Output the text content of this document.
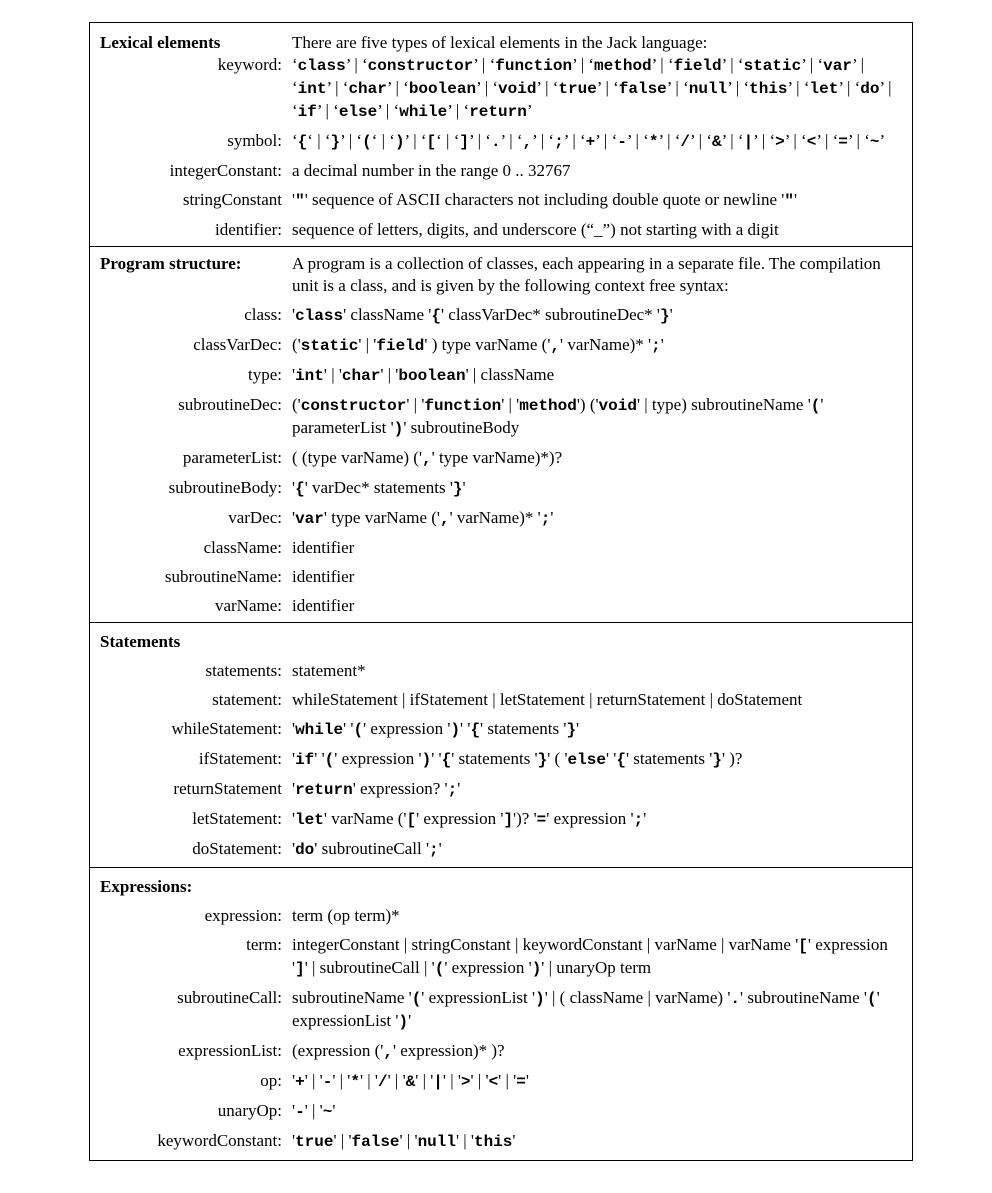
Lexical elements	There are five types of lexical elements in the Jack language:
keyword: ‘class’ | ‘constructor’ | ‘function’ | ‘method’ | ‘field’ | ‘static’ | ‘var’ | ‘int’ | ‘char’ | ‘boolean’ | ‘void’ | ‘true’ | ‘false’ | ‘null’ | ‘this’ | ‘let’ | ‘do’ | ‘if’ | ‘else’ | ‘while’ | ‘return’
symbol: ‘{‘ | ‘}’ | ‘(‘ | ‘)’ | ‘[‘ | ‘]’ | ‘.’ | ‘,’ | ‘;’ | ‘+’ | ‘-’ | ‘*’ | ‘/’ | ‘&’ | ‘|’ | ‘>’ | ‘<’ | ‘=’ | ‘~’
integerConstant: a decimal number in the range 0 .. 32767
stringConstant '"' sequence of ASCII characters not including double quote or newline '"'
identifier: sequence of letters, digits, and underscore (“_”) not starting with a digit
Program structure:	A program is a collection of classes, each appearing in a separate file. The compilation unit is a class, and is given by the following context free syntax:
class: 'class' className '{' classVarDec* subroutineDec* '}'
classVarDec: ('static' | 'field' ) type varName (',' varName)* ';'
type: 'int' | 'char' | 'boolean' | className
subroutineDec: ('constructor' | 'function' | 'method') ('void' | type) subroutineName '(' parameterList ')' subroutineBody
parameterList: ( (type varName) (',' type varName)*)?
subroutineBody: '{' varDec* statements '}'
varDec: 'var' type varName (',' varName)* ';'
className: identifier
subroutineName: identifier
varName: identifier
Statements
statements: statement*
statement: whileStatement | ifStatement | letStatement | returnStatement | doStatement
whileStatement: 'while' '(' expression ')' '{' statements '}'
ifStatement: 'if' '(' expression ')' '{' statements '}' ( 'else' '{' statements '}' )?
returnStatement 'return' expression? ';'
letStatement: 'let' varName ('[' expression ']')? '=' expression ';'
doStatement: 'do' subroutineCall ';'
Expressions:
expression: term (op term)*
term: integerConstant | stringConstant | keywordConstant | varName | varName '[' expression ']' | subroutineCall | '(' expression ')' | unaryOp term
subroutineCall: subroutineName '(' expressionList ')' | ( className | varName) '.' subroutineName '(' expressionList ')'
expressionList: (expression (',' expression)* )?
op: '+' | '-' | '*' | '/' | '&' | '|' | '>' | '<' | '='
unaryOp: '-' | '~'
keywordConstant: 'true' | 'false' | 'null' | 'this'
